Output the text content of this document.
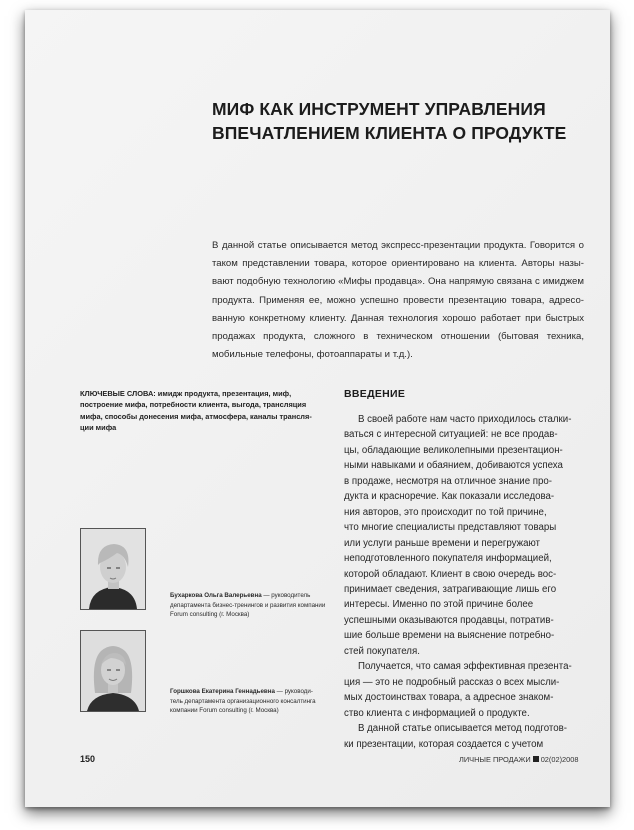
МИФ КАК ИНСТРУМЕНТ УПРАВЛЕНИЯ
ВПЕЧАТЛЕНИЕМ КЛИЕНТА О ПРОДУКТЕ
В данной статье описывается метод экспресс-презентации продукта. Говорится о
таком представлении товара, которое ориентировано на клиента. Авторы назы-
вают подобную технологию «Мифы продавца». Она напрямую связана с имиджем
продукта. Применяя ее, можно успешно провести презентацию товара, адресо-
ванную конкретному клиенту. Данная технология хорошо работает при быстрых
продажах продукта, сложного в техническом отношении (бытовая техника,
мобильные телефоны, фотоаппараты и т.д.).
КЛЮЧЕВЫЕ СЛОВА: имидж продукта, презентация, миф,
построение мифа, потребности клиента, выгода, трансляция
мифа, способы донесения мифа, атмосфера, каналы трансля-
ции мифа
ВВЕДЕНИЕ
В своей работе нам часто приходилось сталки-
ваться с интересной ситуацией: не все продав-
цы, обладающие великолепными презентацион-
ными навыками и обаянием, добиваются успеха
в продаже, несмотря на отличное знание про-
дукта и красноречие. Как показали исследова-
ния авторов, это происходит по той причине,
что многие специалисты представляют товары
или услуги раньше времени и перегружают
неподготовленного покупателя информацией,
которой обладают. Клиент в свою очередь вос-
принимает сведения, затрагивающие лишь его
интересы. Именно по этой причине более
успешными оказываются продавцы, потратив-
шие больше времени на выяснение потребно-
стей покупателя.
Получается, что самая эффективная презента-
ция — это не подробный рассказ о всех мысли-
мых достоинствах товара, а адресное знаком-
ство клиента с информацией о продукте.
В данной статье описывается метод подготов-
ки презентации, которая создается с учетом
Бухаркова Ольга Валерьевна — руководитель
департамента бизнес-тренингов и развития компании
Forum consulting (г. Москва)
Горшкова Екатерина Геннадьевна — руководи-
тель департамента организационного консалтинга
компании Forum consulting (г. Москва)
150	ЛИЧНЫЕ ПРОДАЖИ 02(02)2008
